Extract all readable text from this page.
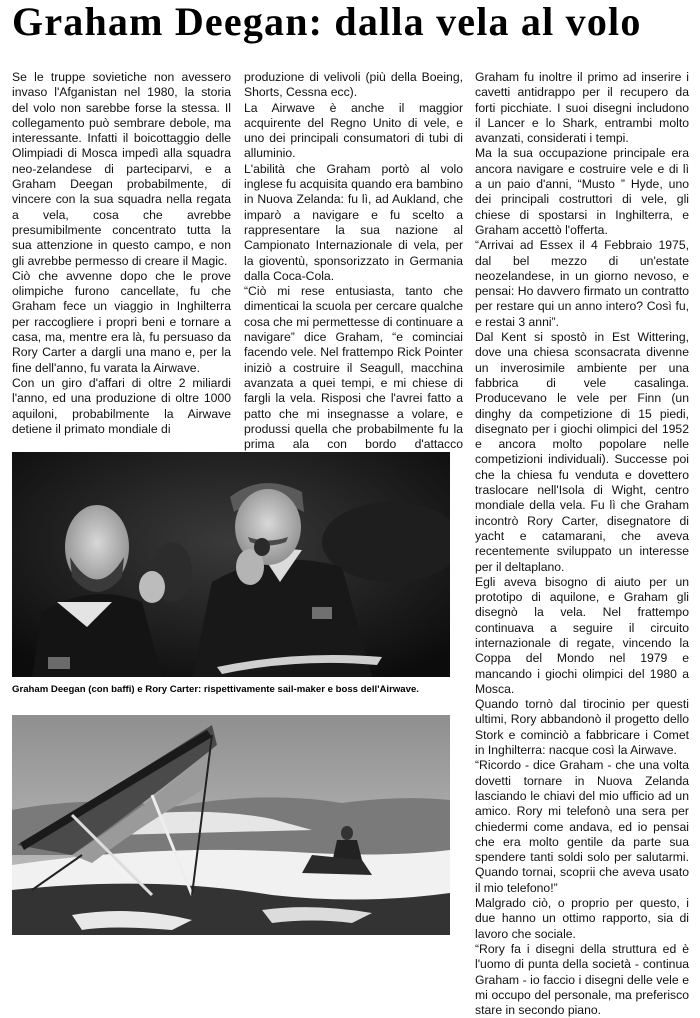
Graham Deegan: dalla vela al volo

Se le truppe sovietiche non avessero invaso l'Afganistan nel 1980, la storia del volo non sarebbe forse la stessa. Il collegamento può sembrare debole, ma interessante. Infatti il boicottaggio delle Olimpiadi di Mosca impedì alla squadra neo-zelandese di parteciparvi, e a Graham Deegan probabilmente, di vincere con la sua squadra nella regata a vela, cosa che avrebbe presumibilmente concentrato tutta la sua attenzione in questo campo, e non gli avrebbe permesso di creare il Magic.

Ciò che avvenne dopo che le prove olimpiche furono cancellate, fu che Graham fece un viaggio in Inghilterra per raccogliere i propri beni e tornare a casa, ma, mentre era là, fu persuaso da Rory Carter a dargli una mano e, per la fine dell'anno, fu varata la Airwave.

Con un giro d'affari di oltre 2 miliardi l'anno, ed una produzione di oltre 1000 aquiloni, probabilmente la Airwave detiene il primato mondiale di

produzione di velivoli (più della Boeing, Shorts, Cessna ecc).

La Airwave è anche il maggior acquirente del Regno Unito di vele, e uno dei principali consumatori di tubi di alluminio.

L'abilità che Graham portò al volo inglese fu acquisita quando era bambino in Nuova Zelanda: fu lì, ad Aukland, che imparò a navigare e fu scelto a rappresentare la sua nazione al Campionato Internazionale di vela, per la gioventù, sponsorizzato in Germania dalla Coca-Cola.

“Ciò mi rese entusiasta, tanto che dimenticai la scuola per cercare qualche cosa che mi permettesse di continuare a navigare” dice Graham, “e cominciai facendo vele. Nel frattempo Rick Pointer iniziò a costruire il Seagull, macchina avanzata a quei tempi, e mi chiese di fargli la vela. Risposi che l'avrei fatto a patto che mi insegnasse a volare, e produssi quella che probabilmente fu la prima ala con bordo d'attacco

Graham fu inoltre il primo ad inserire i cavetti antidrappo per il recupero da forti picchiate. I suoi disegni includono il Lancer e lo Shark, entrambi molto avanzati, considerati i tempi.

Ma la sua occupazione principale era ancora navigare e costruire vele e di lì a un paio d'anni, “Musto ” Hyde, uno dei principali costruttori di vele, gli chiese di spostarsi in Inghilterra, e Graham accettò l'offerta.

“Arrivai ad Essex il 4 Febbraio 1975, dal bel mezzo di un'estate neozelandese, in un giorno nevoso, e pensai: Ho davvero firmato un contratto per restare qui un anno intero? Così fu, e restai 3 anni”.

Dal Kent si spostò in Est Wittering, dove una chiesa sconsacrata divenne un inverosimile ambiente per una fabbrica di vele casalinga. Producevano le vele per Finn (un dinghy da competizione di 15 piedi, disegnato per i giochi olimpici del 1952 e ancora molto popolare nelle competizioni individuali). Successe poi che la chiesa fu venduta e dovettero traslocare nell'Isola di Wight, centro mondiale della vela. Fu lì che Graham incontrò Rory Carter, disegnatore di yacht e catamarani, che aveva recentemente sviluppato un interesse per il deltaplano.

Egli aveva bisogno di aiuto per un prototipo di aquilone, e Graham gli disegnò la vela. Nel frattempo continuava a seguire il circuito internazionale di regate, vincendo la Coppa del Mondo nel 1979 e mancando i giochi olimpici del 1980 a Mosca.

Quando tornò dal tirocinio per questi ultimi, Rory abbandonò il progetto dello Stork e cominciò a fabbricare i Comet in Inghilterra: nacque così la Airwave.

“Ricordo - dice Graham - che una volta dovetti tornare in Nuova Zelanda lasciando le chiavi del mio ufficio ad un amico. Rory mi telefonò una sera per chiedermi come andava, ed io pensai che era molto gentile da parte sua spendere tanti soldi solo per salutarmi. Quando tornai, scoprii che aveva usato il mio telefono!”

Malgrado ciò, o proprio per questo, i due hanno un ottimo rapporto, sia di lavoro che sociale.

“Rory fa i disegni della struttura ed è l'uomo di punta della società - continua Graham - io faccio i disegni delle vele e mi occupo del personale, ma preferisco stare in secondo piano.

Graham Deegan (con baffi) e Rory Carter: rispettivamente sail-maker e boss dell'Airwave.
